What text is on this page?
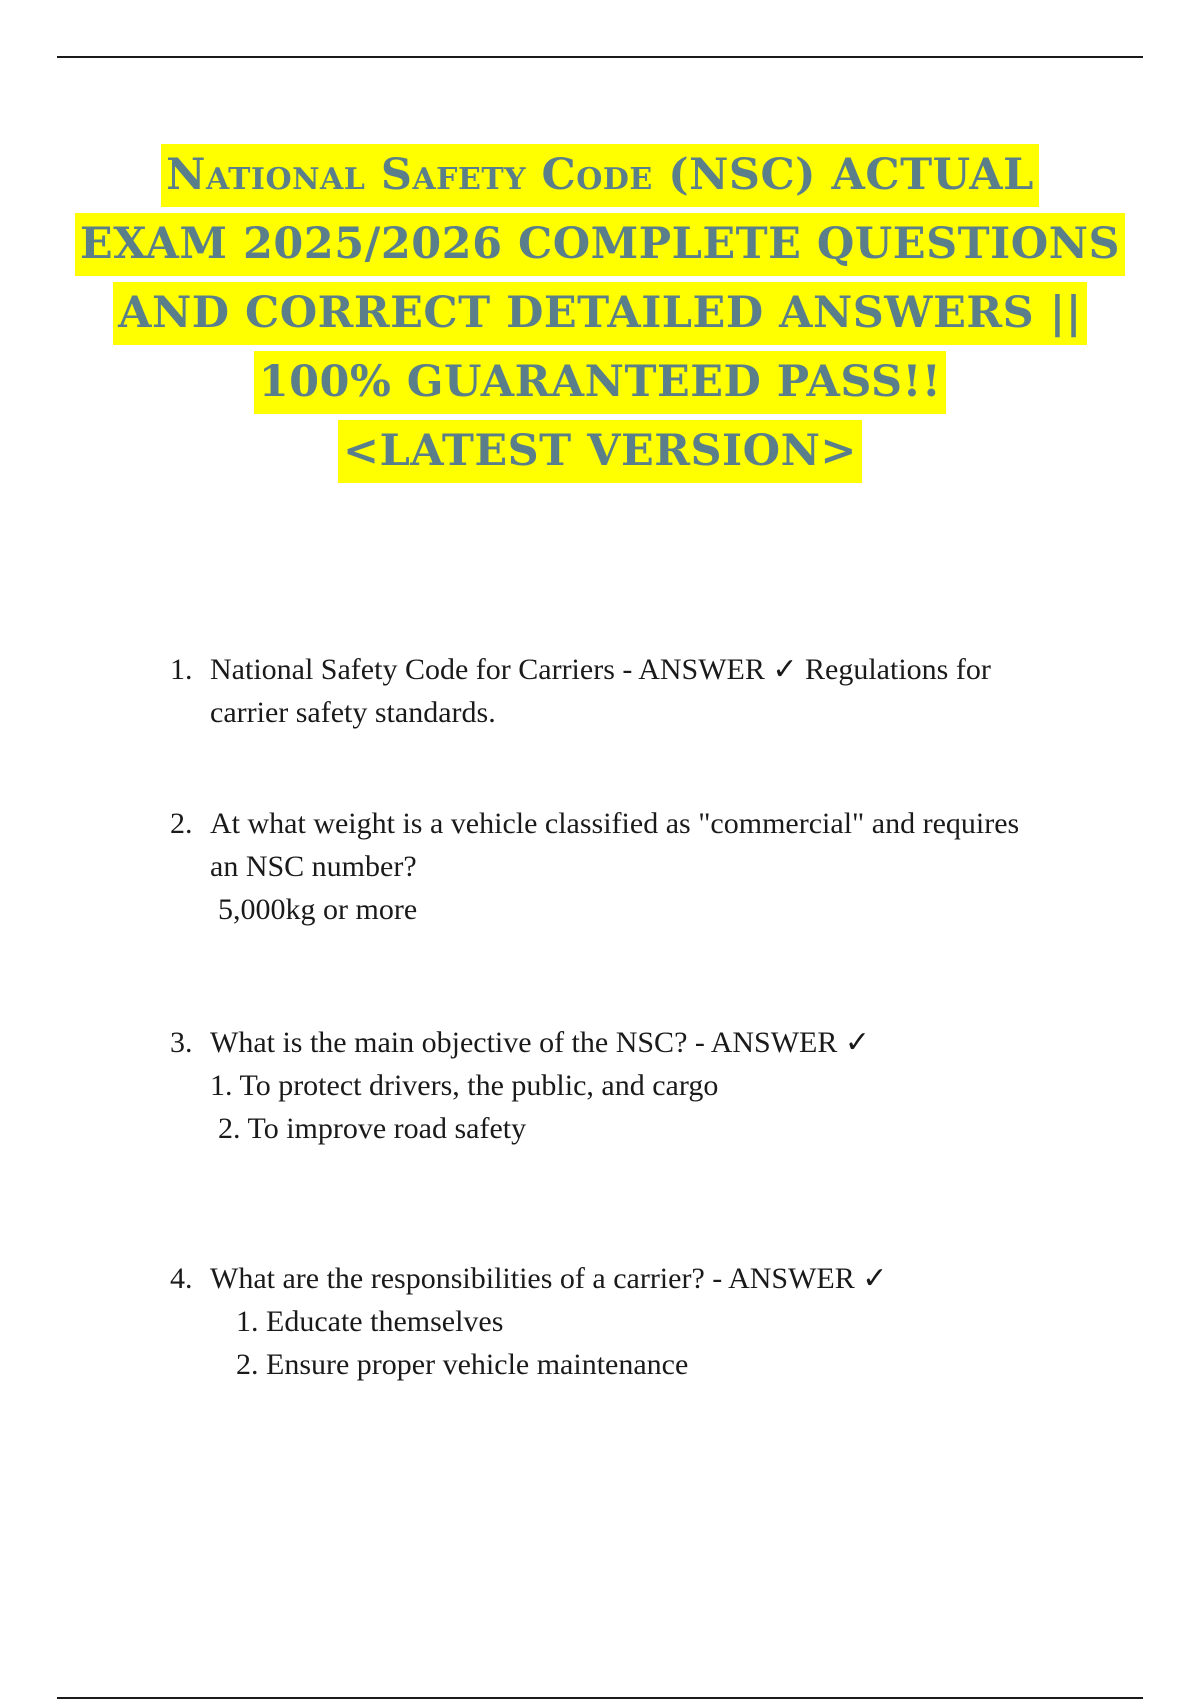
National Safety Code (NSC) ACTUAL
EXAM 2025/2026 COMPLETE QUESTIONS
AND CORRECT DETAILED ANSWERS ||
100% GUARANTEED PASS!!
<LATEST VERSION>
1. National Safety Code for Carriers - ANSWER ✓ Regulations for
carrier safety standards.
2. At what weight is a vehicle classified as "commercial" and requires
an NSC number?
5,000kg or more
3. What is the main objective of the NSC? - ANSWER ✓
1. To protect drivers, the public, and cargo
2. To improve road safety
4. What are the responsibilities of a carrier? - ANSWER ✓
1. Educate themselves
2. Ensure proper vehicle maintenance
